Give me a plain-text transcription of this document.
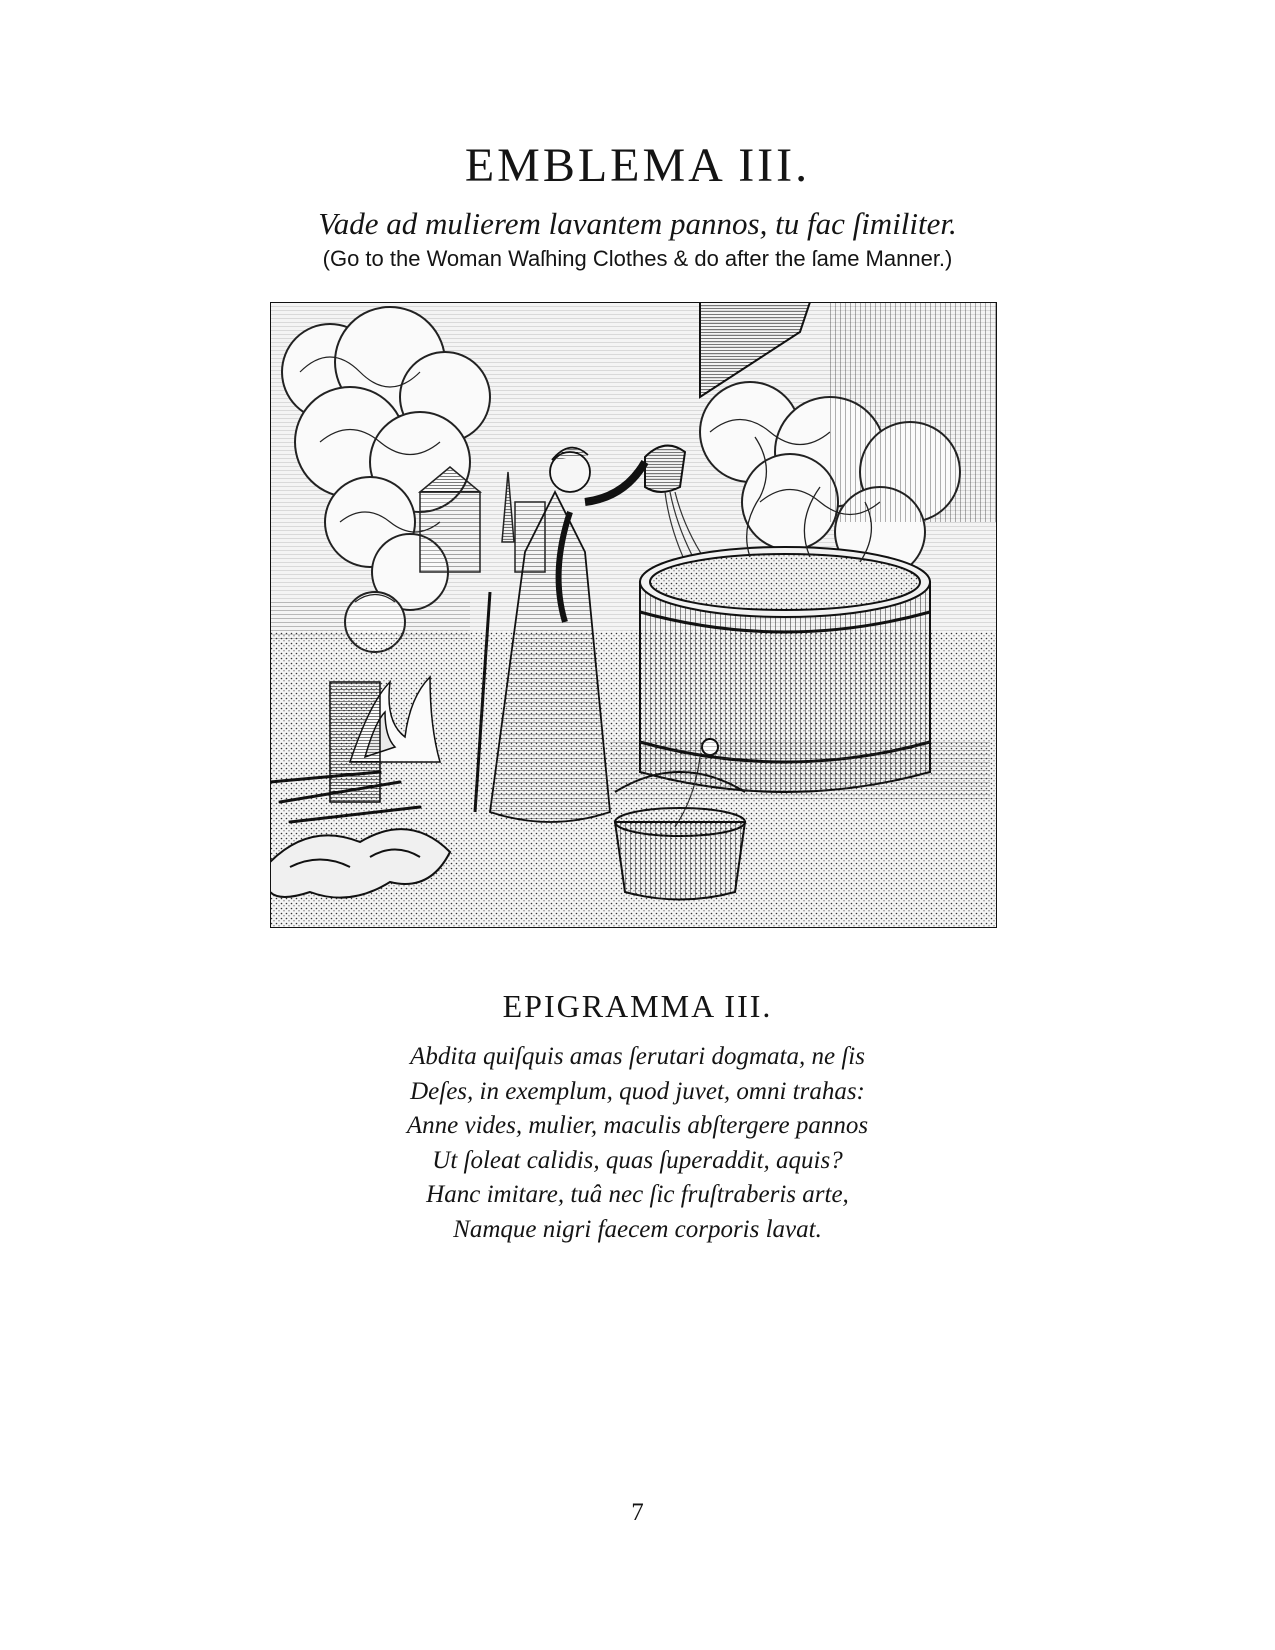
EMBLEMA III.
Vade ad mulierem lavantem pannos, tu fac ſimiliter.
(Go to the Woman Waſhing Clothes & do after the ſame Manner.)
EPIGRAMMA III.
Abdita quiſquis amas ſerutari dogmata, ne ſis
Deſes, in exemplum, quod juvet, omni trahas:
Anne vides, mulier, maculis abſtergere pannos
Ut ſoleat calidis, quas ſuperaddit, aquis?
Hanc imitare, tuâ nec ſic fruſtraberis arte,
Namque nigri faecem corporis lavat.
7
